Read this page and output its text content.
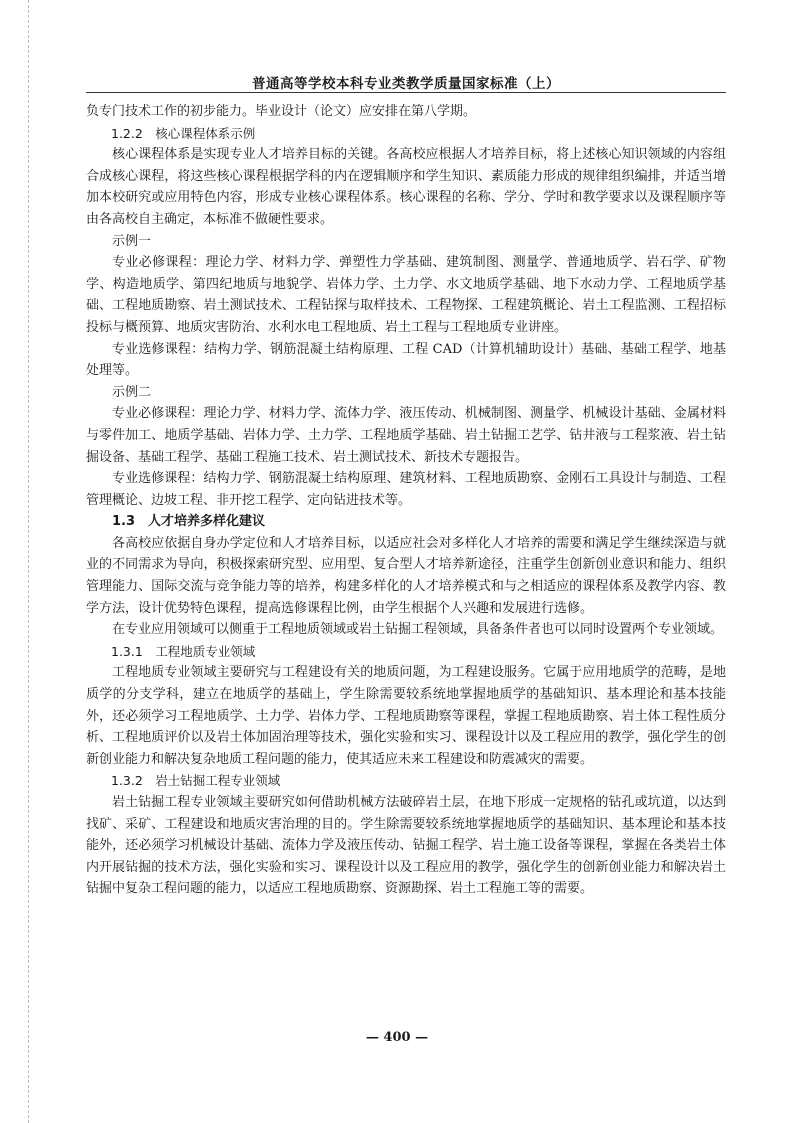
普通高等学校本科专业类教学质量国家标准（上）

负专门技术工作的初步能力。毕业设计（论文）应安排在第八学期。

1.2.2　核心课程体系示例

核心课程体系是实现专业人才培养目标的关键。各高校应根据人才培养目标，将上述核心知识领域的内容组合成核心课程，将这些核心课程根据学科的内在逻辑顺序和学生知识、素质能力形成的规律组织编排，并适当增加本校研究或应用特色内容，形成专业核心课程体系。核心课程的名称、学分、学时和教学要求以及课程顺序等由各高校自主确定，本标准不做硬性要求。

示例一

专业必修课程：理论力学、材料力学、弹塑性力学基础、建筑制图、测量学、普通地质学、岩石学、矿物学、构造地质学、第四纪地质与地貌学、岩体力学、土力学、水文地质学基础、地下水动力学、工程地质学基础、工程地质勘察、岩土测试技术、工程钻探与取样技术、工程物探、工程建筑概论、岩土工程监测、工程招标投标与概预算、地质灾害防治、水利水电工程地质、岩土工程与工程地质专业讲座。

专业选修课程：结构力学、钢筋混凝土结构原理、工程 CAD（计算机辅助设计）基础、基础工程学、地基处理等。

示例二

专业必修课程：理论力学、材料力学、流体力学、液压传动、机械制图、测量学、机械设计基础、金属材料与零件加工、地质学基础、岩体力学、土力学、工程地质学基础、岩土钻掘工艺学、钻井液与工程浆液、岩土钻掘设备、基础工程学、基础工程施工技术、岩土测试技术、新技术专题报告。

专业选修课程：结构力学、钢筋混凝土结构原理、建筑材料、工程地质勘察、金刚石工具设计与制造、工程管理概论、边坡工程、非开挖工程学、定向钻进技术等。

1.3　人才培养多样化建议

各高校应依据自身办学定位和人才培养目标，以适应社会对多样化人才培养的需要和满足学生继续深造与就业的不同需求为导向，积极探索研究型、应用型、复合型人才培养新途径，注重学生创新创业意识和能力、组织管理能力、国际交流与竞争能力等的培养，构建多样化的人才培养模式和与之相适应的课程体系及教学内容、教学方法，设计优势特色课程，提高选修课程比例，由学生根据个人兴趣和发展进行选修。

在专业应用领域可以侧重于工程地质领域或岩土钻掘工程领域，具备条件者也可以同时设置两个专业领域。

1.3.1　工程地质专业领域

工程地质专业领域主要研究与工程建设有关的地质问题，为工程建设服务。它属于应用地质学的范畴，是地质学的分支学科，建立在地质学的基础上，学生除需要较系统地掌握地质学的基础知识、基本理论和基本技能外，还必须学习工程地质学、土力学、岩体力学、工程地质勘察等课程，掌握工程地质勘察、岩土体工程性质分析、工程地质评价以及岩土体加固治理等技术，强化实验和实习、课程设计以及工程应用的教学，强化学生的创新创业能力和解决复杂地质工程问题的能力，使其适应未来工程建设和防震减灾的需要。

1.3.2　岩土钻掘工程专业领域

岩土钻掘工程专业领域主要研究如何借助机械方法破碎岩土层，在地下形成一定规格的钻孔或坑道，以达到找矿、采矿、工程建设和地质灾害治理的目的。学生除需要较系统地掌握地质学的基础知识、基本理论和基本技能外，还必须学习机械设计基础、流体力学及液压传动、钻掘工程学、岩土施工设备等课程，掌握在各类岩土体内开展钻掘的技术方法，强化实验和实习、课程设计以及工程应用的教学，强化学生的创新创业能力和解决岩土钻掘中复杂工程问题的能力，以适应工程地质勘察、资源勘探、岩土工程施工等的需要。

— 400 —
